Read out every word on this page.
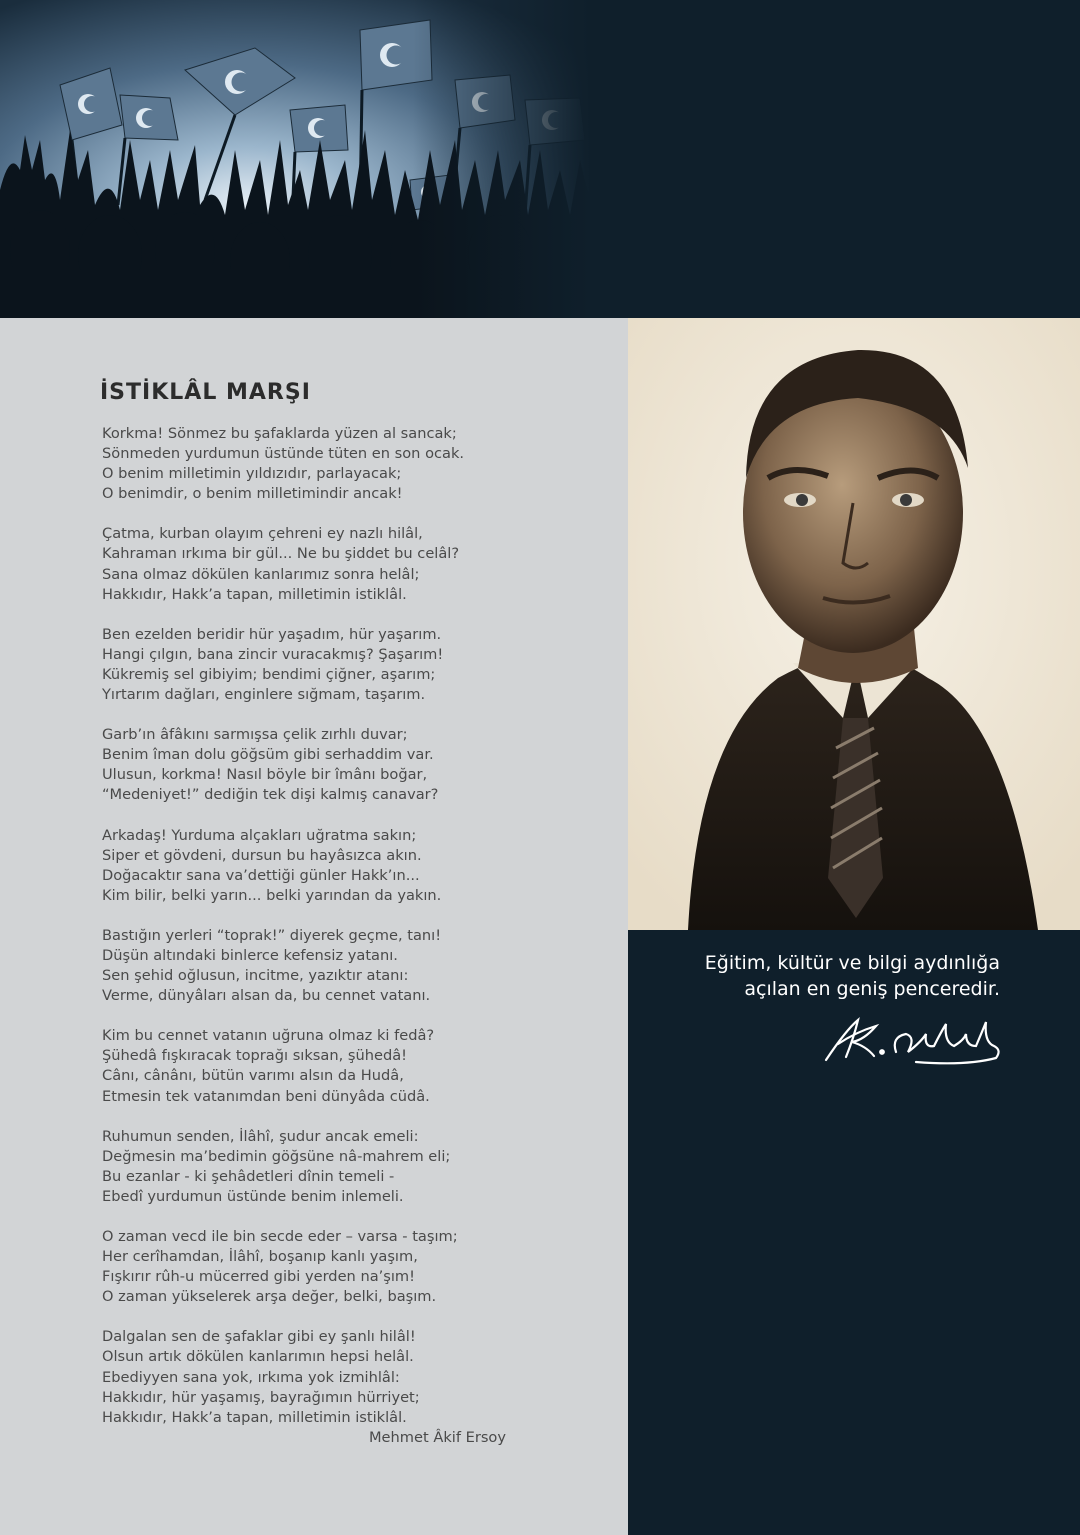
İSTİKLÂL MARŞI

Korkma! Sönmez bu şafaklarda yüzen al sancak;
Sönmeden yurdumun üstünde tüten en son ocak.
O benim milletimin yıldızıdır, parlayacak;
O benimdir, o benim milletimindir ancak!

Çatma, kurban olayım çehreni ey nazlı hilâl,
Kahraman ırkıma bir gül... Ne bu şiddet bu celâl?
Sana olmaz dökülen kanlarımız sonra helâl;
Hakkıdır, Hakk’a tapan, milletimin istiklâl.

Ben ezelden beridir hür yaşadım, hür yaşarım.
Hangi çılgın, bana zincir vuracakmış? Şaşarım!
Kükremiş sel gibiyim; bendimi çiğner, aşarım;
Yırtarım dağları, enginlere sığmam, taşarım.

Garb’ın âfâkını sarmışsa çelik zırhlı duvar;
Benim îman dolu göğsüm gibi serhaddim var.
Ulusun, korkma! Nasıl böyle bir îmânı boğar,
“Medeniyet!” dediğin tek dişi kalmış canavar?

Arkadaş! Yurduma alçakları uğratma sakın;
Siper et gövdeni, dursun bu hayâsızca akın.
Doğacaktır sana va’dettiği günler Hakk’ın...
Kim bilir, belki yarın... belki yarından da yakın.

Bastığın yerleri “toprak!” diyerek geçme, tanı!
Düşün altındaki binlerce kefensiz yatanı.
Sen şehid oğlusun, incitme, yazıktır atanı:
Verme, dünyâları alsan da, bu cennet vatanı.

Kim bu cennet vatanın uğruna olmaz ki fedâ?
Şühedâ fışkıracak toprağı sıksan, şühedâ!
Cânı, cânânı, bütün varımı alsın da Hudâ,
Etmesin tek vatanımdan beni dünyâda cüdâ.

Ruhumun senden, İlâhî, şudur ancak emeli:
Değmesin ma’bedimin göğsüne nâ-mahrem eli;
Bu ezanlar - ki şehâdetleri dînin temeli -
Ebedî yurdumun üstünde benim inlemeli.

O zaman vecd ile bin secde eder – varsa - taşım;
Her cerîhamdan, İlâhî, boşanıp kanlı yaşım,
Fışkırır rûh-u mücerred gibi yerden na’şım!
O zaman yükselerek arşa değer, belki, başım.

Dalgalan sen de şafaklar gibi ey şanlı hilâl!
Olsun artık dökülen kanlarımın hepsi helâl.
Ebediyyen sana yok, ırkıma yok izmihlâl:
Hakkıdır, hür yaşamış, bayrağımın hürriyet;
Hakkıdır, Hakk’a tapan, milletimin istiklâl.

Mehmet Âkif Ersoy
Eğitim, kültür ve bilgi aydınlığa
açılan en geniş penceredir.
